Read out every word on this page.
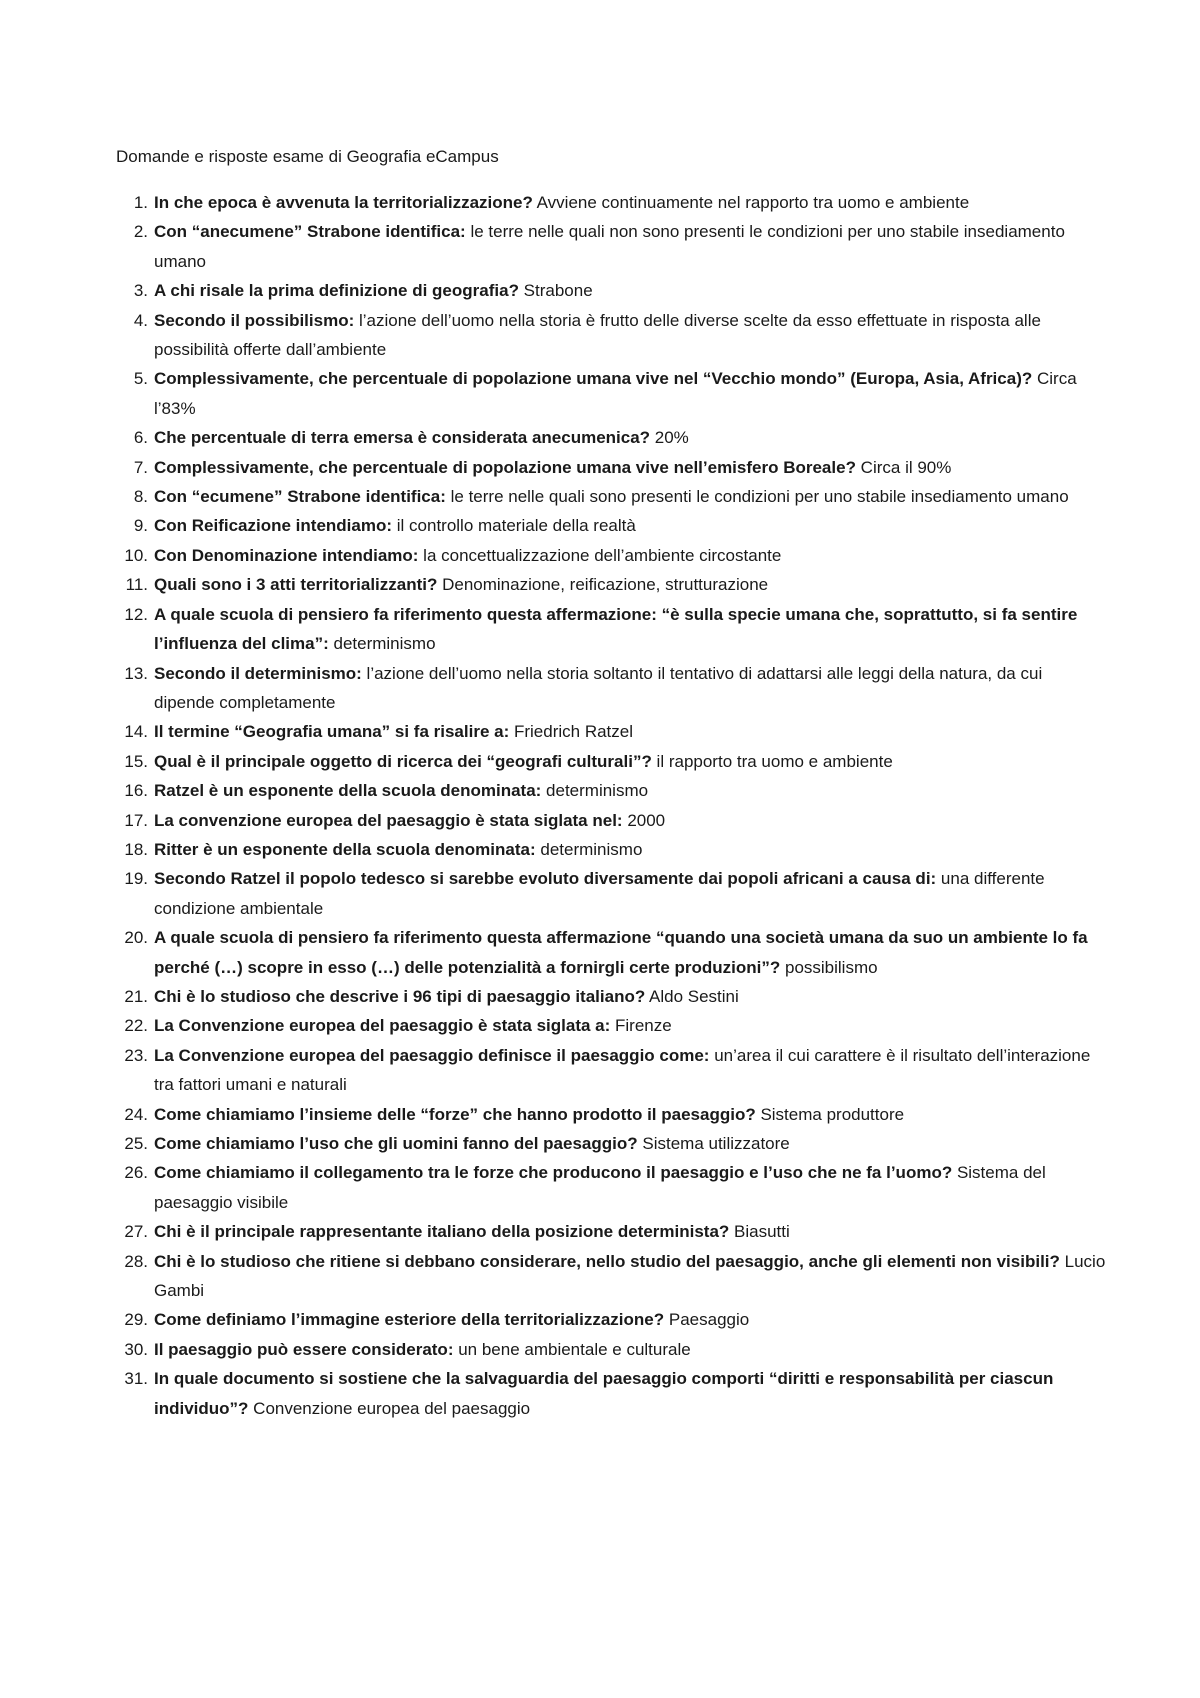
Domande e risposte esame di Geografia eCampus
1. In che epoca è avvenuta la territorializzazione? Avviene continuamente nel rapporto tra uomo e ambiente
2. Con “anecumene” Strabone identifica: le terre nelle quali non sono presenti le condizioni per uno stabile insediamento umano
3. A chi risale la prima definizione di geografia? Strabone
4. Secondo il possibilismo: l’azione dell’uomo nella storia è frutto delle diverse scelte da esso effettuate in risposta alle possibilità offerte dall’ambiente
5. Complessivamente, che percentuale di popolazione umana vive nel “Vecchio mondo” (Europa, Asia, Africa)? Circa l’83%
6. Che percentuale di terra emersa è considerata anecumenica? 20%
7. Complessivamente, che percentuale di popolazione umana vive nell’emisfero Boreale? Circa il 90%
8. Con “ecumene” Strabone identifica: le terre nelle quali sono presenti le condizioni per uno stabile insediamento umano
9. Con Reificazione intendiamo: il controllo materiale della realtà
10. Con Denominazione intendiamo: la concettualizzazione dell’ambiente circostante
11. Quali sono i 3 atti territorializzanti? Denominazione, reificazione, strutturazione
12. A quale scuola di pensiero fa riferimento questa affermazione: “è sulla specie umana che, soprattutto, si fa sentire l’influenza del clima”: determinismo
13. Secondo il determinismo: l’azione dell’uomo nella storia soltanto il tentativo di adattarsi alle leggi della natura, da cui dipende completamente
14. Il termine “Geografia umana” si fa risalire a: Friedrich Ratzel
15. Qual è il principale oggetto di ricerca dei “geografi culturali”? il rapporto tra uomo e ambiente
16. Ratzel è un esponente della scuola denominata: determinismo
17. La convenzione europea del paesaggio è stata siglata nel: 2000
18. Ritter è un esponente della scuola denominata: determinismo
19. Secondo Ratzel il popolo tedesco si sarebbe evoluto diversamente dai popoli africani a causa di: una differente condizione ambientale
20. A quale scuola di pensiero fa riferimento questa affermazione “quando una società umana da suo un ambiente lo fa perché (…) scopre in esso (…) delle potenzialità a fornirgli certe produzioni”? possibilismo
21. Chi è lo studioso che descrive i 96 tipi di paesaggio italiano? Aldo Sestini
22. La Convenzione europea del paesaggio è stata siglata a: Firenze
23. La Convenzione europea del paesaggio definisce il paesaggio come: un’area il cui carattere è il risultato dell’interazione tra fattori umani e naturali
24. Come chiamiamo l’insieme delle “forze” che hanno prodotto il paesaggio? Sistema produttore
25. Come chiamiamo l’uso che gli uomini fanno del paesaggio? Sistema utilizzatore
26. Come chiamiamo il collegamento tra le forze che producono il paesaggio e l’uso che ne fa l’uomo? Sistema del paesaggio visibile
27. Chi è il principale rappresentante italiano della posizione determinista? Biasutti
28. Chi è lo studioso che ritiene si debbano considerare, nello studio del paesaggio, anche gli elementi non visibili? Lucio Gambi
29. Come definiamo l’immagine esteriore della territorializzazione? Paesaggio
30. Il paesaggio può essere considerato: un bene ambientale e culturale
31. In quale documento si sostiene che la salvaguardia del paesaggio comporti “diritti e responsabilità per ciascun individuo”? Convenzione europea del paesaggio
